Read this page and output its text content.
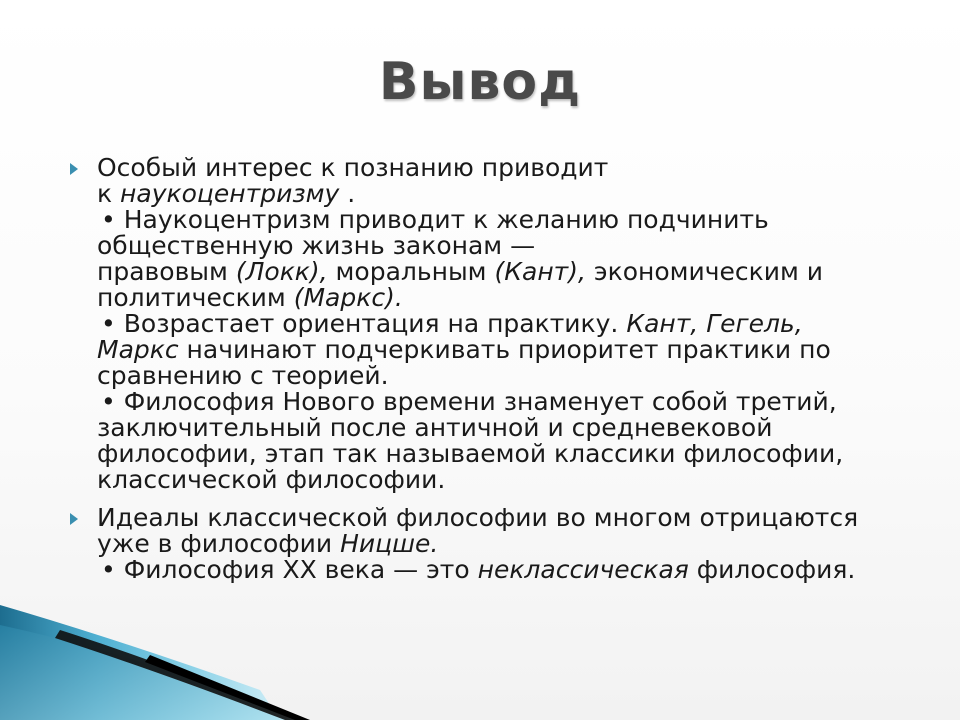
Вывод
Особый интерес к познанию приводит
к наукоцентризму .
• Наукоцентризм приводит к желанию подчинить
общественную жизнь законам —
правовым (Локк), моральным (Кант), экономическим и
политическим (Маркс).
• Возрастает ориентация на практику. Кант, Гегель,
Маркс начинают подчеркивать приоритет практики по
сравнению с теорией.
• Философия Нового времени знаменует собой третий,
заключительный после античной и средневековой
философии, этап так называемой классики философии,
классической философии.
Идеалы классической философии во многом отрицаются
уже в философии Ницше.
• Философия XX века — это неклассическая философия.
